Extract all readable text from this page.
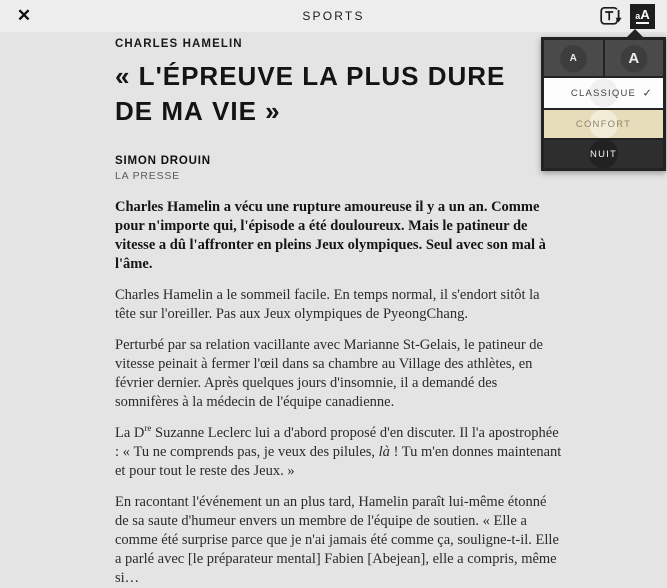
✕	SPORTS	a A
CHARLES HAMELIN
« L'ÉPREUVE LA PLUS DURE DE MA VIE »
SIMON DROUIN
LA PRESSE

Charles Hamelin a vécu une rupture amoureuse il y a un an. Comme pour n'importe qui, l'épisode a été douloureux. Mais le patineur de vitesse a dû l'affronter en pleins Jeux olympiques. Seul avec son mal à l'âme.

Charles Hamelin a le sommeil facile. En temps normal, il s'endort sitôt la tête sur l'oreiller. Pas aux Jeux olympiques de PyeongChang.

Perturbé par sa relation vacillante avec Marianne St-Gelais, le patineur de vitesse peinait à fermer l'œil dans sa chambre au Village des athlètes, en février dernier. Après quelques jours d'insomnie, il a demandé des somnifères à la médecin de l'équipe canadienne.

La Dre Suzanne Leclerc lui a d'abord proposé d'en discuter. Il l'a apostrophée : « Tu ne comprends pas, je veux des pilules, là ! Tu m'en donnes maintenant et pour tout le reste des Jeux. »

En racontant l'événement un an plus tard, Hamelin paraît lui-même étonné de sa saute d'humeur envers un membre de l'équipe de soutien. « Elle a comme été surprise parce que je n'ai jamais été comme ça, souligne-t-il. Elle a parlé avec [le préparateur mental] Fabien [Abejean], elle a compris, même si…

A	A
CLASSIQUE ✓
CONFORT
NUIT
